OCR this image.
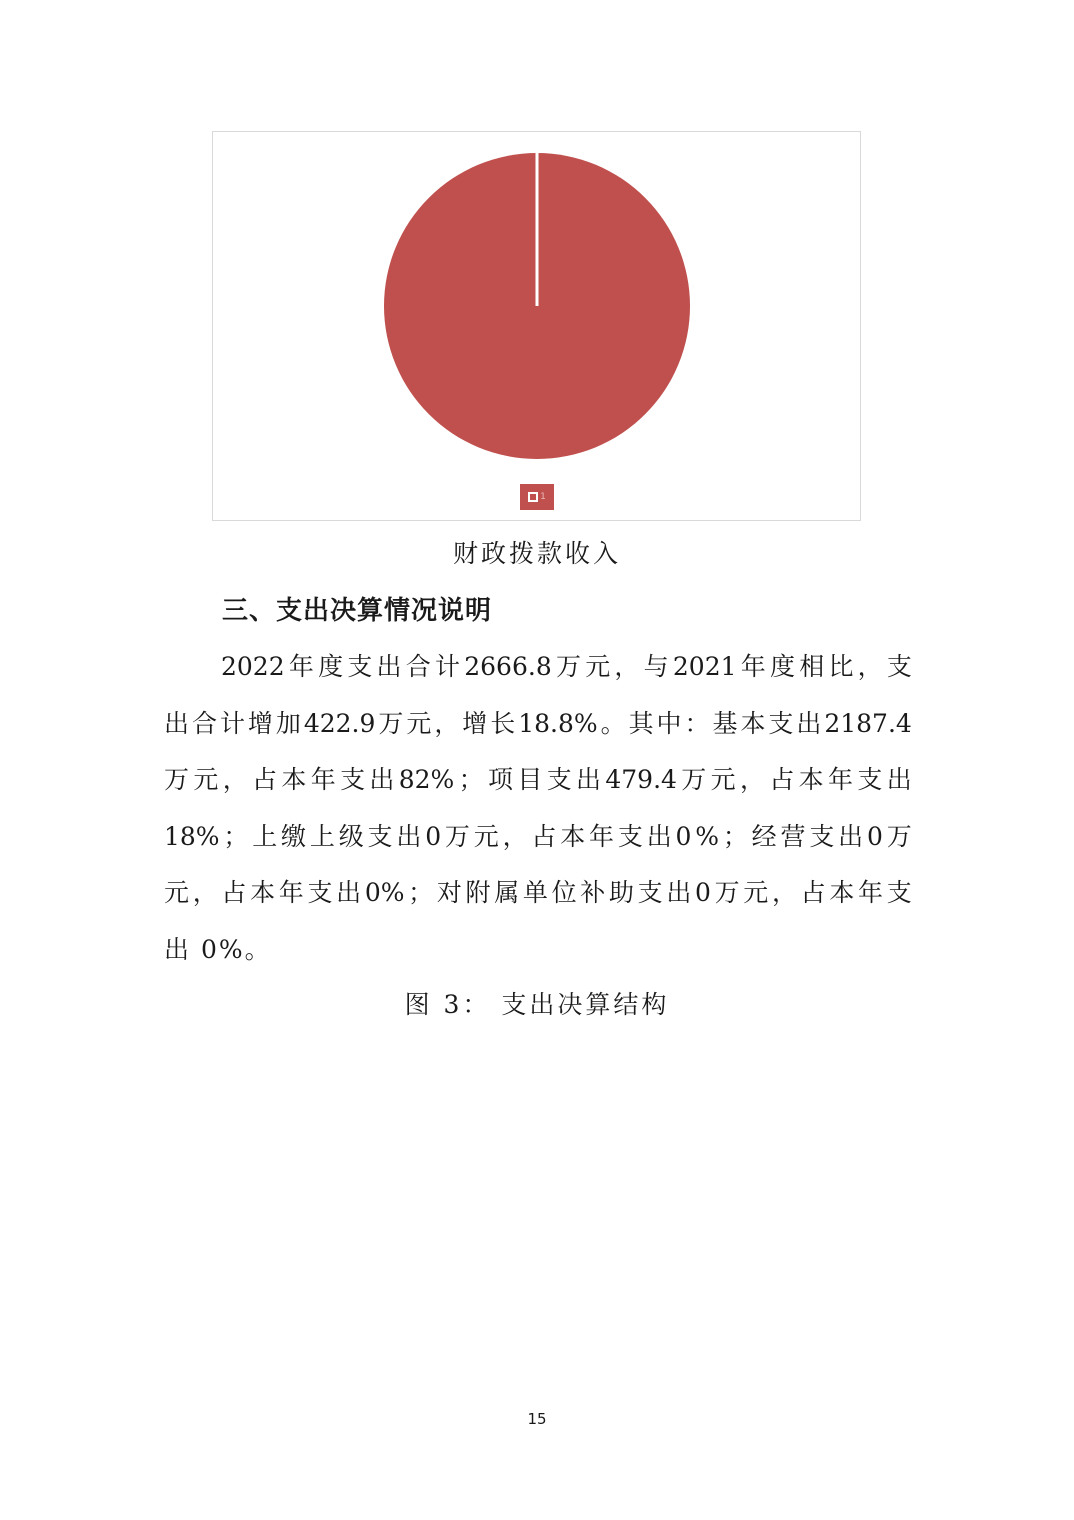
1
财政拨款收入
三、支出决算情况说明
2022 年 度 支 出 合 计 2666.8 万 元 ， 与 2021 年 度 相 比 ， 支
出 合 计 增 加 422.9 万 元 ， 增 长 18.8% 。 其 中 ： 基 本 支 出 2187.4
万 元 ， 占 本 年 支 出 82% ； 项 目 支 出 479.4 万 元 ， 占 本 年 支 出
18% ； 上 缴 上 级 支 出 0 万 元 ， 占 本 年 支 出 0 % ； 经 营 支 出 0 万
元 ， 占 本 年 支 出 0% ； 对 附 属 单 位 补 助 支 出 0 万 元 ， 占 本 年 支
出 0%。
图 3： 支出决算结构
15
